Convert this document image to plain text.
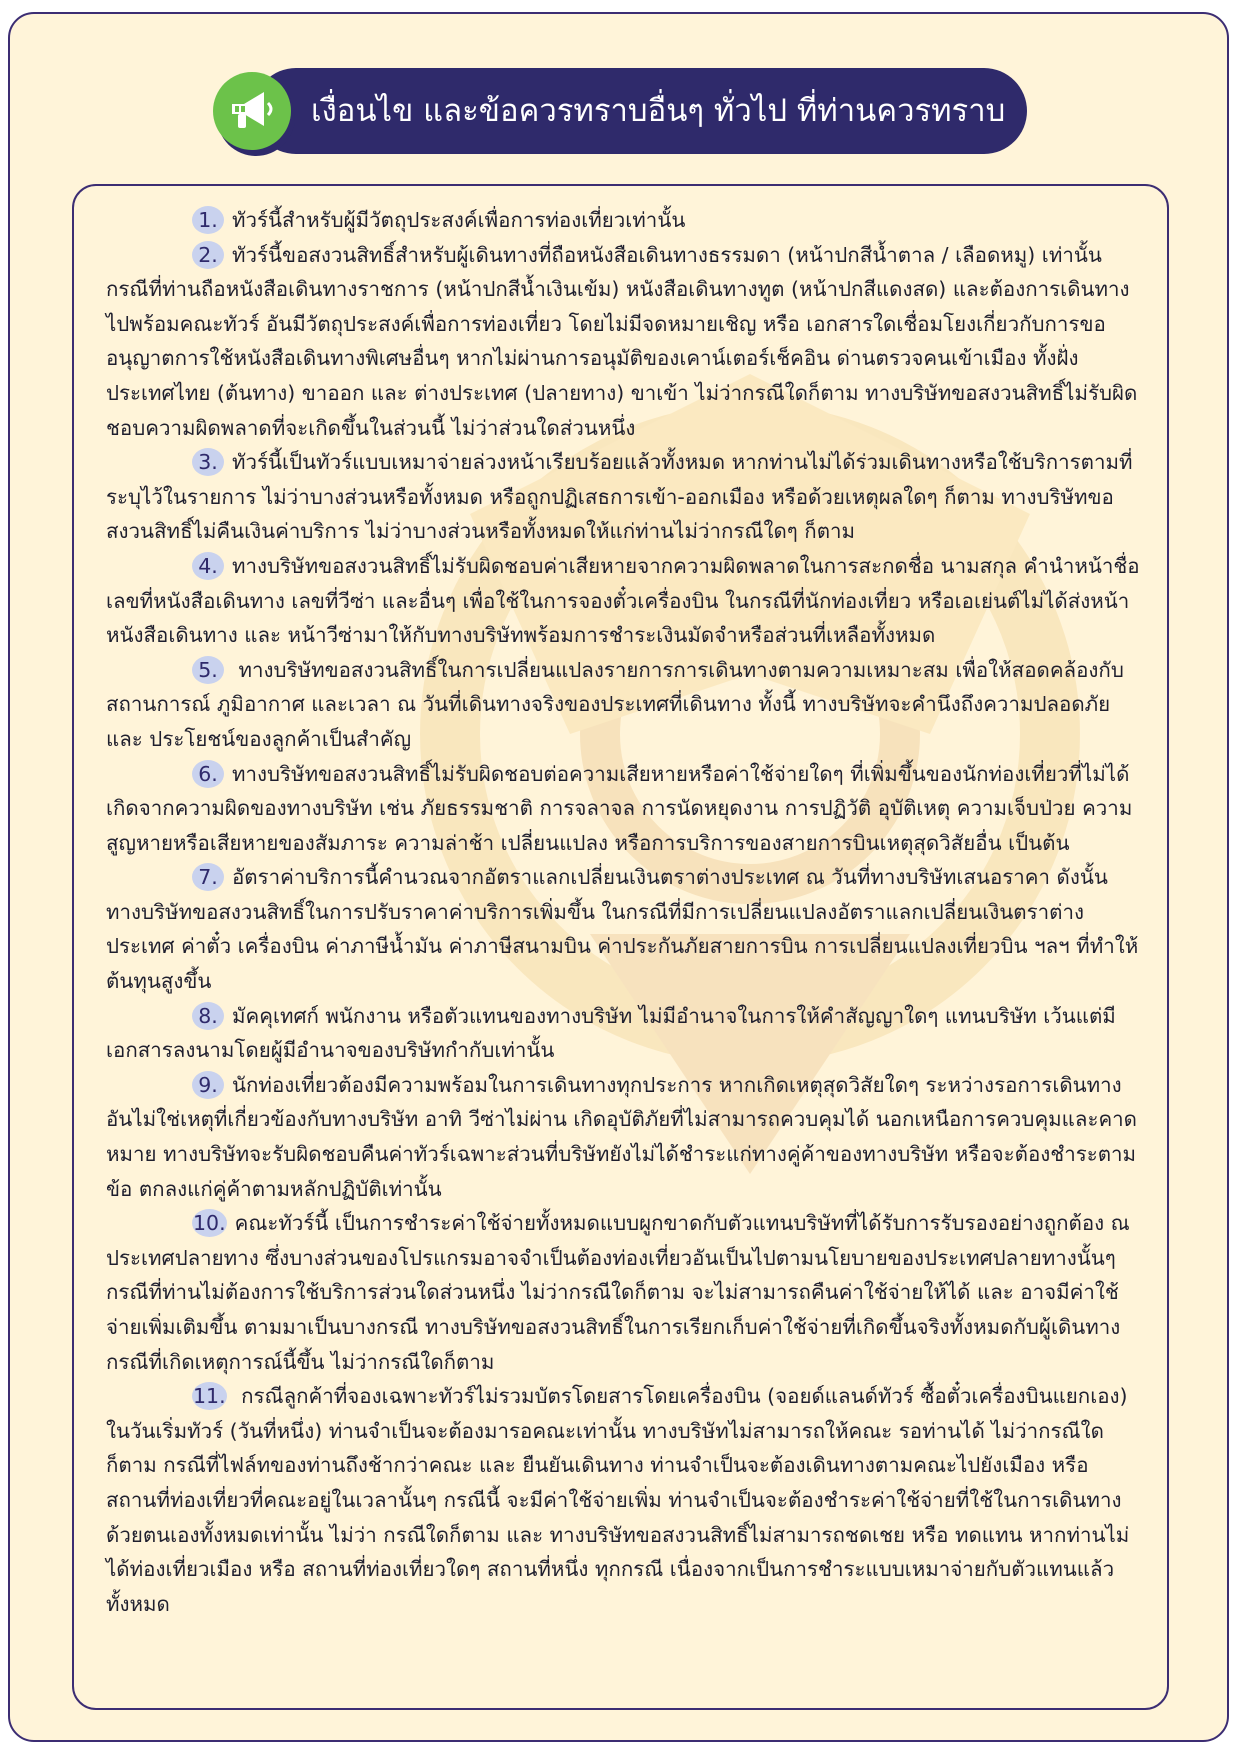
เงื่อนไข และข้อควรทราบอื่นๆ ทั่วไป ที่ท่านควรทราบ

1. ทัวร์นี้สำหรับผู้มีวัตถุประสงค์เพื่อการท่องเที่ยวเท่านั้น

2. ทัวร์นี้ขอสงวนสิทธิ์สำหรับผู้เดินทางที่ถือหนังสือเดินทางธรรมดา (หน้าปกสีน้ำตาล / เลือดหมู) เท่านั้น กรณีที่ท่านถือหนังสือเดินทางราชการ (หน้าปกสีน้ำเงินเข้ม) หนังสือเดินทางทูต (หน้าปกสีแดงสด) และต้องการเดินทางไปพร้อมคณะทัวร์ อันมีวัตถุประสงค์เพื่อการท่องเที่ยว โดยไม่มีจดหมายเชิญ หรือ เอกสารใดเชื่อมโยงเกี่ยวกับการขออนุญาตการใช้หนังสือเดินทางพิเศษอื่นๆ หากไม่ผ่านการอนุมัติของเคาน์เตอร์เช็คอิน ด่านตรวจคนเข้าเมือง ทั้งฝั่งประเทศไทย (ต้นทาง) ขาออก และ ต่างประเทศ (ปลายทาง) ขาเข้า ไม่ว่ากรณีใดก็ตาม ทางบริษัทขอสงวนสิทธิ์ไม่รับผิดชอบความผิดพลาดที่จะเกิดขึ้นในส่วนนี้ ไม่ว่าส่วนใดส่วนหนึ่ง

3. ทัวร์นี้เป็นทัวร์แบบเหมาจ่ายล่วงหน้าเรียบร้อยแล้วทั้งหมด หากท่านไม่ได้ร่วมเดินทางหรือใช้บริการตามที่ระบุไว้ในรายการ ไม่ว่าบางส่วนหรือทั้งหมด หรือถูกปฏิเสธการเข้า-ออกเมือง หรือด้วยเหตุผลใดๆ ก็ตาม ทางบริษัทขอสงวนสิทธิ์ไม่คืนเงินค่าบริการ ไม่ว่าบางส่วนหรือทั้งหมดให้แก่ท่านไม่ว่ากรณีใดๆ ก็ตาม

4. ทางบริษัทขอสงวนสิทธิ์ไม่รับผิดชอบค่าเสียหายจากความผิดพลาดในการสะกดชื่อ นามสกุล คำนำหน้าชื่อ เลขที่หนังสือเดินทาง เลขที่วีซ่า และอื่นๆ เพื่อใช้ในการจองตั๋วเครื่องบิน ในกรณีที่นักท่องเที่ยว หรือเอเย่นต์ไม่ได้ส่งหน้าหนังสือเดินทาง และ หน้าวีซ่ามาให้กับทางบริษัทพร้อมการชำระเงินมัดจำหรือส่วนที่เหลือทั้งหมด

5. ทางบริษัทขอสงวนสิทธิ์ในการเปลี่ยนแปลงรายการการเดินทางตามความเหมาะสม เพื่อให้สอดคล้องกับ สถานการณ์ ภูมิอากาศ และเวลา ณ วันที่เดินทางจริงของประเทศที่เดินทาง ทั้งนี้ ทางบริษัทจะคำนึงถึงความปลอดภัย และ ประโยชน์ของลูกค้าเป็นสำคัญ

6. ทางบริษัทขอสงวนสิทธิ์ไม่รับผิดชอบต่อความเสียหายหรือค่าใช้จ่ายใดๆ ที่เพิ่มขึ้นของนักท่องเที่ยวที่ไม่ได้เกิดจากความผิดของทางบริษัท เช่น ภัยธรรมชาติ การจลาจล การนัดหยุดงาน การปฏิวัติ อุบัติเหตุ ความเจ็บป่วย ความสูญหายหรือเสียหายของสัมภาระ ความล่าช้า เปลี่ยนแปลง หรือการบริการของสายการบินเหตุสุดวิสัยอื่น เป็นต้น

7. อัตราค่าบริการนี้คำนวณจากอัตราแลกเปลี่ยนเงินตราต่างประเทศ ณ วันที่ทางบริษัทเสนอราคา ดังนั้น ทางบริษัทขอสงวนสิทธิ์ในการปรับราคาค่าบริการเพิ่มขึ้น ในกรณีที่มีการเปลี่ยนแปลงอัตราแลกเปลี่ยนเงินตราต่างประเทศ ค่าตั๋ว เครื่องบิน ค่าภาษีน้ำมัน ค่าภาษีสนามบิน ค่าประกันภัยสายการบิน การเปลี่ยนแปลงเที่ยวบิน ฯลฯ ที่ทำให้ต้นทุนสูงขึ้น

8. มัคคุเทศก์ พนักงาน หรือตัวแทนของทางบริษัท ไม่มีอำนาจในการให้คำสัญญาใดๆ แทนบริษัท เว้นแต่มีเอกสารลงนามโดยผู้มีอำนาจของบริษัทกำกับเท่านั้น

9. นักท่องเที่ยวต้องมีความพร้อมในการเดินทางทุกประการ หากเกิดเหตุสุดวิสัยใดๆ ระหว่างรอการเดินทาง อันไม่ใช่เหตุที่เกี่ยวข้องกับทางบริษัท อาทิ วีซ่าไม่ผ่าน เกิดอุบัติภัยที่ไม่สามารถควบคุมได้ นอกเหนือการควบคุมและคาดหมาย ทางบริษัทจะรับผิดชอบคืนค่าทัวร์เฉพาะส่วนที่บริษัทยังไม่ได้ชำระแก่ทางคู่ค้าของทางบริษัท หรือจะต้องชำระตามข้อ ตกลงแก่คู่ค้าตามหลักปฏิบัติเท่านั้น

10. คณะทัวร์นี้ เป็นการชำระค่าใช้จ่ายทั้งหมดแบบผูกขาดกับตัวแทนบริษัทที่ได้รับการรับรองอย่างถูกต้อง ณ ประเทศปลายทาง ซึ่งบางส่วนของโปรแกรมอาจจำเป็นต้องท่องเที่ยวอันเป็นไปตามนโยบายของประเทศปลายทางนั้นๆ กรณีที่ท่านไม่ต้องการใช้บริการส่วนใดส่วนหนึ่ง ไม่ว่ากรณีใดก็ตาม จะไม่สามารถคืนค่าใช้จ่ายให้ได้ และ อาจมีค่าใช้จ่ายเพิ่มเติมขึ้น ตามมาเป็นบางกรณี ทางบริษัทขอสงวนสิทธิ์ในการเรียกเก็บค่าใช้จ่ายที่เกิดขึ้นจริงทั้งหมดกับผู้เดินทาง กรณีที่เกิดเหตุการณ์นี้ขึ้น ไม่ว่ากรณีใดก็ตาม

11. กรณีลูกค้าที่จองเฉพาะทัวร์ไม่รวมบัตรโดยสารโดยเครื่องบิน (จอยด์แลนด์ทัวร์ ซื้อตั๋วเครื่องบินแยกเอง) ในวันเริ่มทัวร์ (วันที่หนึ่ง) ท่านจำเป็นจะต้องมารอคณะเท่านั้น ทางบริษัทไม่สามารถให้คณะ รอท่านได้ ไม่ว่ากรณีใดก็ตาม กรณีที่ไฟล์ทของท่านถึงช้ากว่าคณะ และ ยืนยันเดินทาง ท่านจำเป็นจะต้องเดินทางตามคณะไปยังเมือง หรือ สถานที่ท่องเที่ยวที่คณะอยู่ในเวลานั้นๆ กรณีนี้ จะมีค่าใช้จ่ายเพิ่ม ท่านจำเป็นจะต้องชำระค่าใช้จ่ายที่ใช้ในการเดินทางด้วยตนเองทั้งหมดเท่านั้น ไม่ว่า กรณีใดก็ตาม และ ทางบริษัทขอสงวนสิทธิ์ไม่สามารถชดเชย หรือ ทดแทน หากท่านไม่ได้ท่องเที่ยวเมือง หรือ สถานที่ท่องเที่ยวใดๆ สถานที่หนึ่ง ทุกกรณี เนื่องจากเป็นการชำระแบบเหมาจ่ายกับตัวแทนแล้วทั้งหมด
